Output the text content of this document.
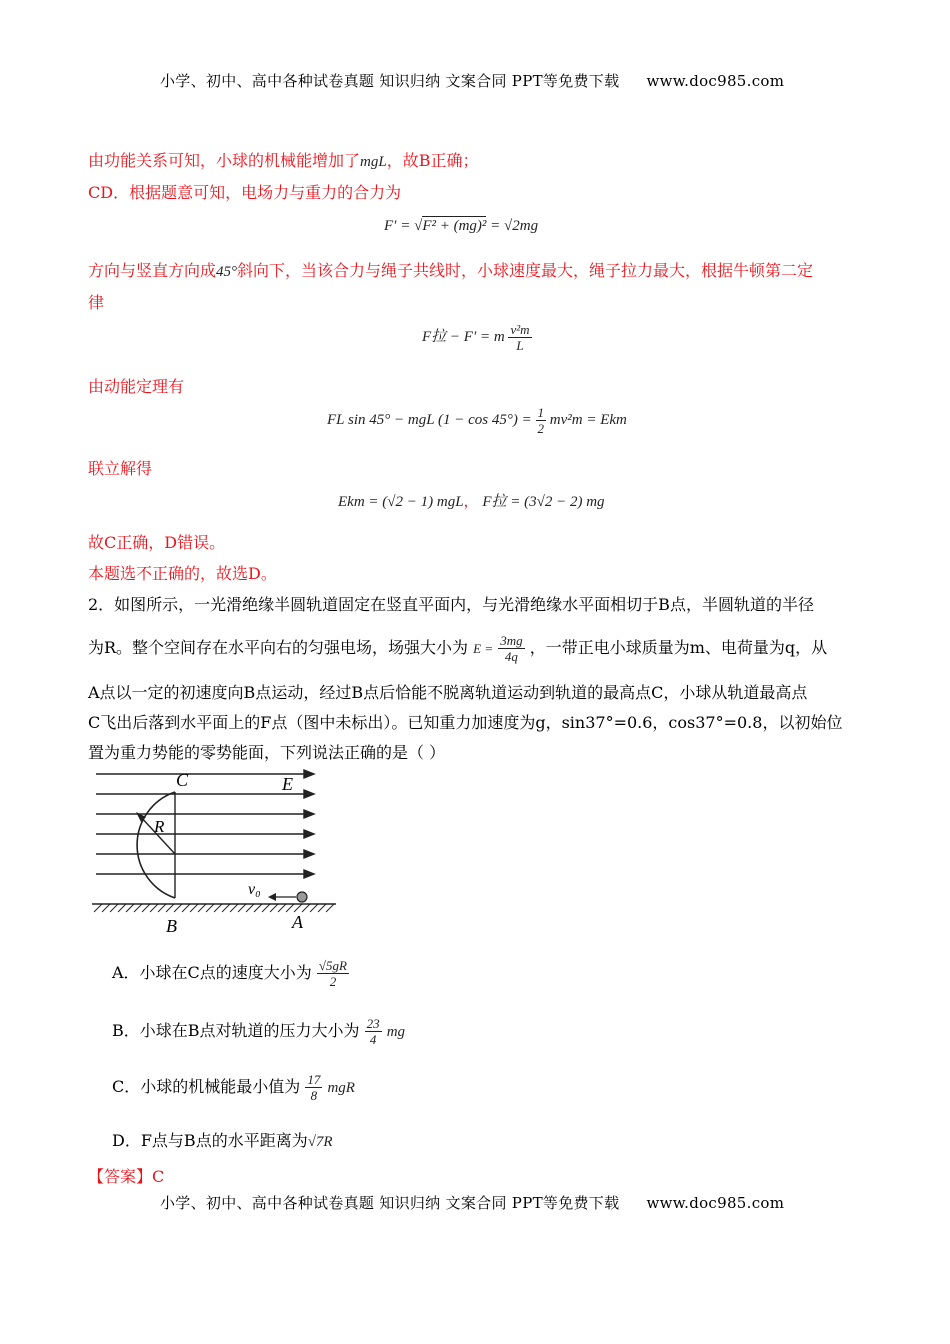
小学、初中、高中各种试卷真题 知识归纳 文案合同 PPT等免费下载 www.doc985.com
由功能关系可知，小球的机械能增加了mgL，故B正确；
CD．根据题意可知，电场力与重力的合力为
F′ = √F² + (mg)² = √2mg
方向与竖直方向成45°斜向下，当该合力与绳子共线时，小球速度最大，绳子拉力最大，根据牛顿第二定
律
F拉 − F′ = m $\frac{\text{v²m}}{L}$
由动能定理有
FL sin 45° − mgL $(1 - \cos 45^\circ) = \frac{1}{2} mv^2m$ = Ekm
联立解得
Ekm = (√2 − 1) mgL， F拉 = (3√2 − 2) mg
故C正确，D错误。
本题选不正确的，故选D。
2．如图所示，一光滑绝缘半圆轨道固定在竖直平面内，与光滑绝缘水平面相切于B点，半圆轨道的半径
为R。整个空间存在水平向右的匀强电场，场强大小为 $E = \frac{3mg}{4q}$ ，一带正电小球质量为m、电荷量为q，从
A点以一定的初速度向B点运动，经过B点后恰能不脱离轨道运动到轨道的最高点C，小球从轨道最高点
C飞出后落到水平面上的F点（图中未标出）。已知重力加速度为g，sin37°=0.6，cos37°=0.8，以初始位
置为重力势能的零势能面，下列说法正确的是（ ）
C	E
R
v₀
B	A
A．小球在C点的速度大小为 $\frac{√5gR}{2}$
B．小球在B点对轨道的压力大小为 $\frac{23}{4}$ mg
C．小球的机械能最小值为 $\frac{17}{8}$ mgR
D．F点与B点的水平距离为√7R
【答案】C
小学、初中、高中各种试卷真题 知识归纳 文案合同 PPT等免费下载 www.doc985.com
